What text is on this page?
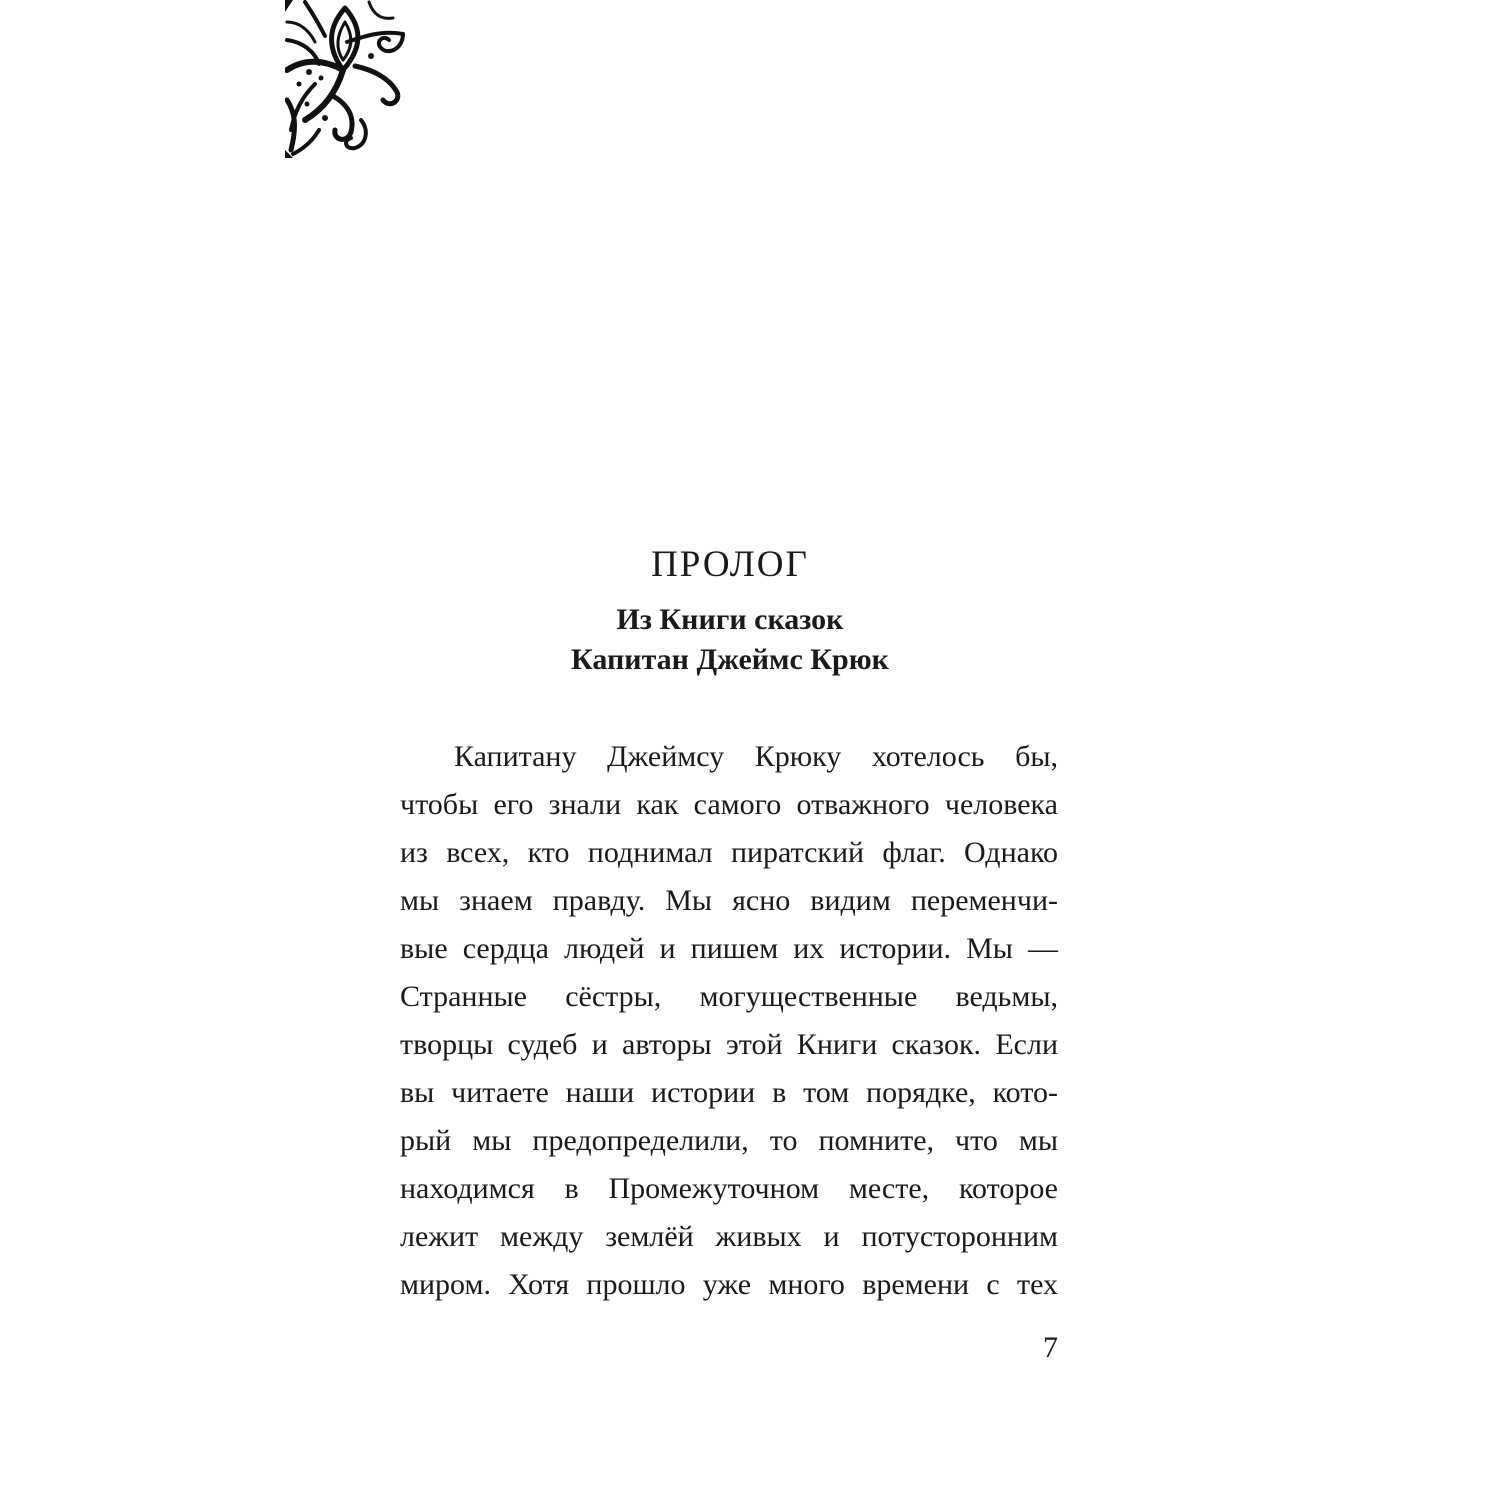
ПРОЛОГ
Из Книги сказок
Капитан Джеймс Крюк
Капитану Джеймсу Крюку хотелось бы,
чтобы его знали как самого отважного человека
из всех, кто поднимал пиратский флаг. Однако
мы знаем правду. Мы ясно видим переменчи-
вые сердца людей и пишем их истории. Мы —
Странные сёстры, могущественные ведьмы,
творцы судеб и авторы этой Книги сказок. Если
вы читаете наши истории в том порядке, кото-
рый мы предопределили, то помните, что мы
находимся в Промежуточном месте, которое
лежит между землёй живых и потусторонним
миром. Хотя прошло уже много времени с тех
7
